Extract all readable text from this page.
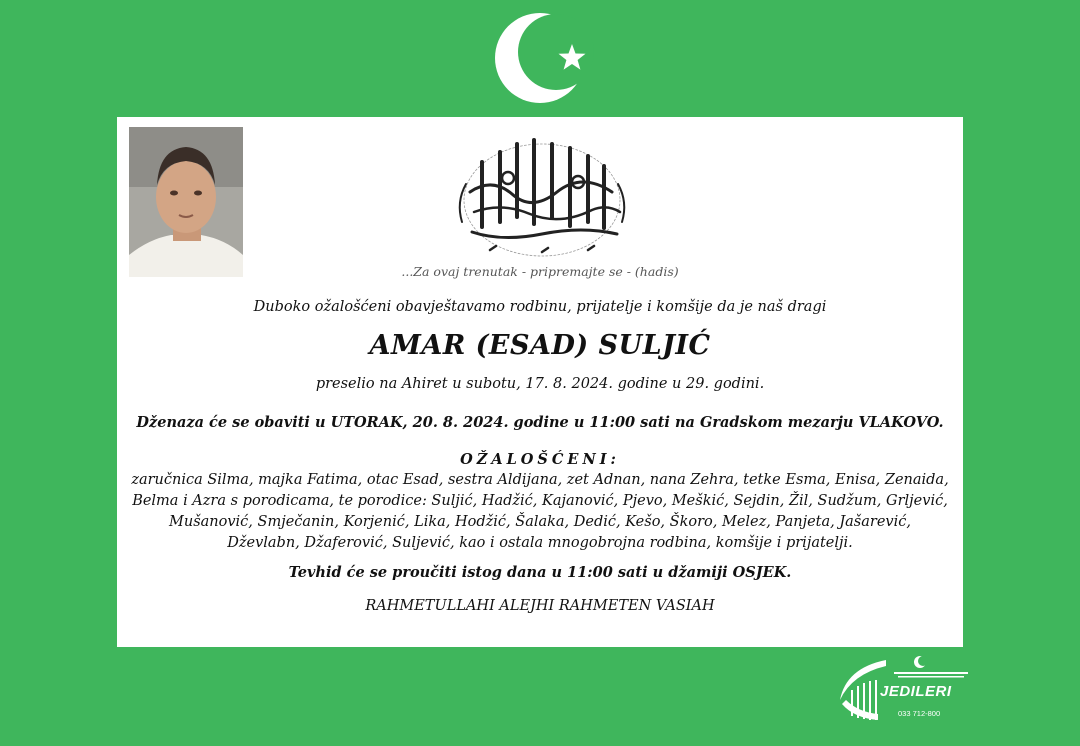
...Za ovaj trenutak - pripremajte se - (hadis)
Duboko ožalošćeni obavještavamo rodbinu, prijatelje i komšije da je naš dragi
AMAR (ESAD) SULJIĆ
preselio na Ahiret u subotu, 17. 8. 2024. godine u 29. godini.
Dženaza će se obaviti u UTORAK, 20. 8. 2024. godine u 11:00 sati na Gradskom mezarju VLAKOVO.
OŽALOŠĆENI:
zaručnica Silma, majka Fatima, otac Esad, sestra Aldijana, zet Adnan, nana Zehra, tetke Esma, Enisa, Zenaida, Belma i Azra s porodicama, te porodice: Suljić, Hadžić, Kajanović, Pjevo, Meškić, Sejdin, Žil, Sudžum, Grljević, Mušanović, Smječanin, Korjenić, Lika, Hodžić, Šalaka, Dedić, Kešo, Škoro, Melez, Panjeta, Jašarević, Dževlabn, Džaferović, Suljević, kao i ostala mnogobrojna rodbina, komšije i prijatelji.
Tevhid će se proučiti istog dana u 11:00 sati u džamiji OSJEK.
RAHMETULLAHI ALEJHI RAHMETEN VASIAH
JEDILERI
033 712-800
